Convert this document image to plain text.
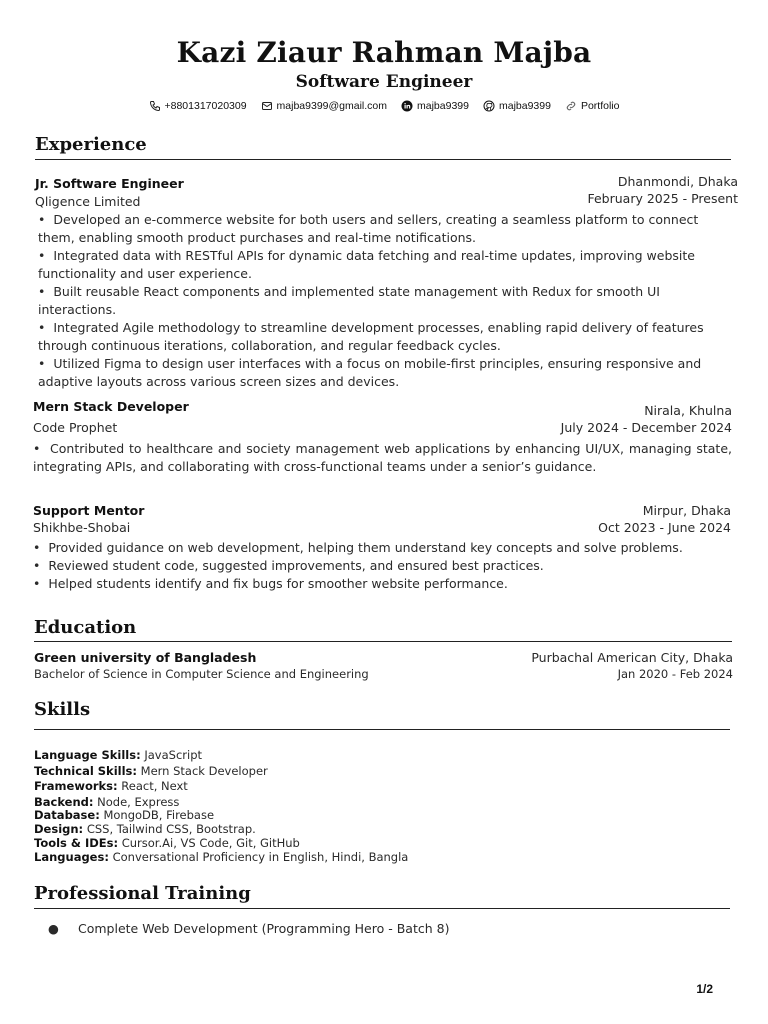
Kazi Ziaur Rahman Majba
Software Engineer
+8801317020309	majba9399@gmail.com	majba9399	majba9399	Portfolio
Experience
Jr. Software Engineer	Dhanmondi, Dhaka
Qligence Limited	February 2025 - Present
•  Developed an e-commerce website for both users and sellers, creating a seamless platform to connect them, enabling smooth product purchases and real-time notifications.
•  Integrated data with RESTful APIs for dynamic data fetching and real-time updates, improving website functionality and user experience.
•  Built reusable React components and implemented state management with Redux for smooth UI interactions.
•  Integrated Agile methodology to streamline development processes, enabling rapid delivery of features through continuous iterations, collaboration, and regular feedback cycles.
•  Utilized Figma to design user interfaces with a focus on mobile-first principles, ensuring responsive and adaptive layouts across various screen sizes and devices.
Mern Stack Developer	Nirala, Khulna
Code Prophet	July 2024 - December 2024
•  Contributed to healthcare and society management web applications by enhancing UI/UX, managing state, integrating APIs, and collaborating with cross-functional teams under a senior’s guidance.
Support Mentor	Mirpur, Dhaka
Shikhbe-Shobai	Oct 2023 - June 2024
•  Provided guidance on web development, helping them understand key concepts and solve problems.
•  Reviewed student code, suggested improvements, and ensured best practices.
•  Helped students identify and fix bugs for smoother website performance.
Education
Green university of Bangladesh	Purbachal American City, Dhaka
Bachelor of Science in Computer Science and Engineering	Jan 2020 - Feb 2024
Skills
Language Skills: JavaScript
Technical Skills: Mern Stack Developer
Frameworks: React, Next
Backend: Node, Express
Database: MongoDB, Firebase
Design: CSS, Tailwind CSS, Bootstrap.
Tools & IDEs: Cursor.Ai, VS Code, Git, GitHub
Languages: Conversational Proficiency in English, Hindi, Bangla
Professional Training
● Complete Web Development (Programming Hero - Batch 8)
1/2
